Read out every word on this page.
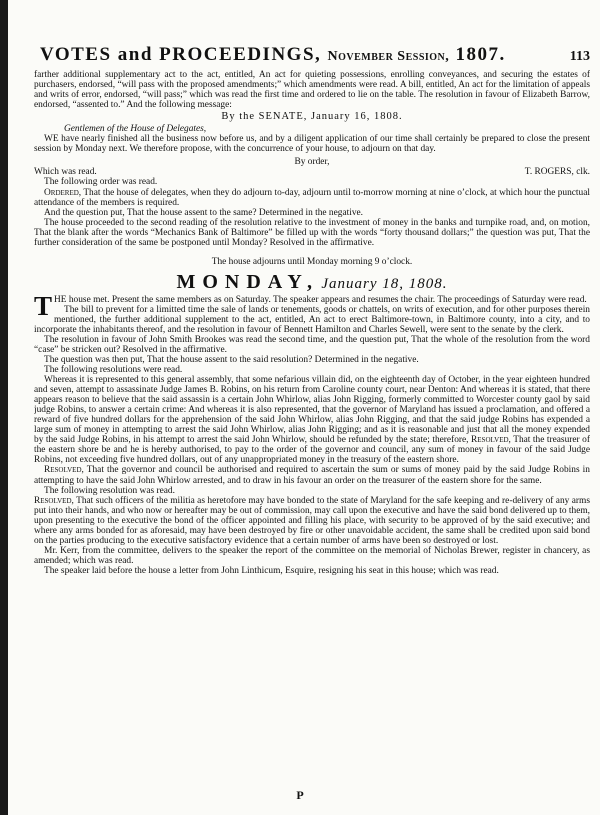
VOTES and PROCEEDINGS, November Session, 1807.	113

farther additional supplementary act to the act, entitled, An act for quieting possessions, enrolling conveyances, and securing the estates of purchasers, endorsed, “will pass with the proposed amendments;” which amendments were read. A bill, entitled, An act for the limitation of appeals and writs of error, endorsed, “will pass;” which was read the first time and ordered to lie on the table. The resolution in favour of Elizabeth Barrow, endorsed, “assented to.” And the following message:

By the SENATE, January 16, 1808.

Gentlemen of the House of Delegates,

WE have nearly finished all the business now before us, and by a diligent application of our time shall certainly be prepared to close the present session by Monday next. We therefore propose, with the concurrence of your house, to adjourn on that day.

By order,

Which was read.	T. ROGERS, clk.

The following order was read.

Ordered, That the house of delegates, when they do adjourn to-day, adjourn until to-morrow morning at nine o’clock, at which hour the punctual attendance of the members is required.

And the question put, That the house assent to the same? Determined in the negative.

The house proceeded to the second reading of the resolution relative to the investment of money in the banks and turnpike road, and, on motion, That the blank after the words “Mechanics Bank of Baltimore” be filled up with the words “forty thousand dollars;” the question was put, That the further consideration of the same be postponed until Monday? Resolved in the affirmative.

The house adjourns until Monday morning 9 o’clock.

MONDAY, January 18, 1808.

THE house met. Present the same members as on Saturday. The speaker appears and resumes the chair. The proceedings of Saturday were read.

The bill to prevent for a limitted time the sale of lands or tenements, goods or chattels, on writs of execution, and for other purposes therein mentioned, the further additional supplement to the act, entitled, An act to erect Baltimore-town, in Baltimore county, into a city, and to incorporate the inhabitants thereof, and the resolution in favour of Bennett Hamilton and Charles Sewell, were sent to the senate by the clerk.

The resolution in favour of John Smith Brookes was read the second time, and the question put, That the whole of the resolution from the word “case” be stricken out? Resolved in the affirmative.

The question was then put, That the house assent to the said resolution? Determined in the negative.

The following resolutions were read.

Whereas it is represented to this general assembly, that some nefarious villain did, on the eighteenth day of October, in the year eighteen hundred and seven, attempt to assassinate Judge James B. Robins, on his return from Caroline county court, near Denton: And whereas it is stated, that there appears reason to believe that the said assassin is a certain John Whirlow, alias John Rigging, formerly committed to Worcester county gaol by said judge Robins, to answer a certain crime: And whereas it is also represented, that the governor of Maryland has issued a proclamation, and offered a reward of five hundred dollars for the apprehension of the said John Whirlow, alias John Rigging, and that the said judge Robins has expended a large sum of money in attempting to arrest the said John Whirlow, alias John Rigging; and as it is reasonable and just that all the money expended by the said Judge Robins, in his attempt to arrest the said John Whirlow, should be refunded by the state; therefore, Resolved, That the treasurer of the eastern shore be and he is hereby authorised, to pay to the order of the governor and council, any sum of money in favour of the said Judge Robins, not exceeding five hundred dollars, out of any unappropriated money in the treasury of the eastern shore.

Resolved, That the governor and council be authorised and required to ascertain the sum or sums of money paid by the said Judge Robins in attempting to have the said John Whirlow arrested, and to draw in his favour an order on the treasurer of the eastern shore for the same.

The following resolution was read.

Resolved, That such officers of the militia as heretofore may have bonded to the state of Maryland for the safe keeping and re-delivery of any arms put into their hands, and who now or hereafter may be out of commission, may call upon the executive and have the said bond delivered up to them, upon presenting to the executive the bond of the officer appointed and filling his place, with security to be approved of by the said executive; and where any arms bonded for as aforesaid, may have been destroyed by fire or other unavoidable accident, the same shall be credited upon said bond on the parties producing to the executive satisfactory evidence that a certain number of arms have been so destroyed or lost.

Mr. Kerr, from the committee, delivers to the speaker the report of the committee on the memorial of Nicholas Brewer, register in chancery, as amended; which was read.

The speaker laid before the house a letter from John Linthicum, Esquire, resigning his seat in this house; which was read.

P
